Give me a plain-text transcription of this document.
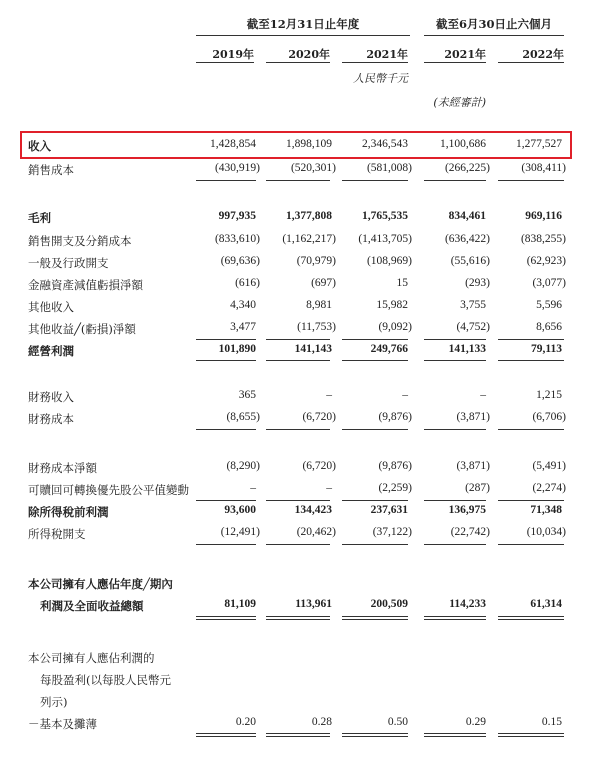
截至12月31日止年度	截至6月30日止六個月
2019年	2020年	2021年	2021年	2022年
人民幣千元
(未經審計)
收入	1,428,854	1,898,109	2,346,543	1,100,686	1,277,527
銷售成本	(430,919)	(520,301)	(581,008)	(266,225)	(308,411)
毛利	997,935	1,377,808	1,765,535	834,461	969,116
銷售開支及分銷成本	(833,610)	(1,162,217)	(1,413,705)	(636,422)	(838,255)
一般及行政開支	(69,636)	(70,979)	(108,969)	(55,616)	(62,923)
金融資產減值虧損淨額	(616)	(697)	15	(293)	(3,077)
其他收入	4,340	8,981	15,982	3,755	5,596
其他收益╱(虧損)淨額	3,477	(11,753)	(9,092)	(4,752)	8,656
經營利潤	101,890	141,143	249,766	141,133	79,113
財務收入	365	–	–	–	1,215
財務成本	(8,655)	(6,720)	(9,876)	(3,871)	(6,706)
財務成本淨額	(8,290)	(6,720)	(9,876)	(3,871)	(5,491)
可贖回可轉換優先股公平值變動	–	–	(2,259)	(287)	(2,274)
除所得稅前利潤	93,600	134,423	237,631	136,975	71,348
所得稅開支	(12,491)	(20,462)	(37,122)	(22,742)	(10,034)
本公司擁有人應佔年度╱期內
利潤及全面收益總額	81,109	113,961	200,509	114,233	61,314
本公司擁有人應佔利潤的
每股盈利(以每股人民幣元
列示)
－基本及攤薄	0.20	0.28	0.50	0.29	0.15
